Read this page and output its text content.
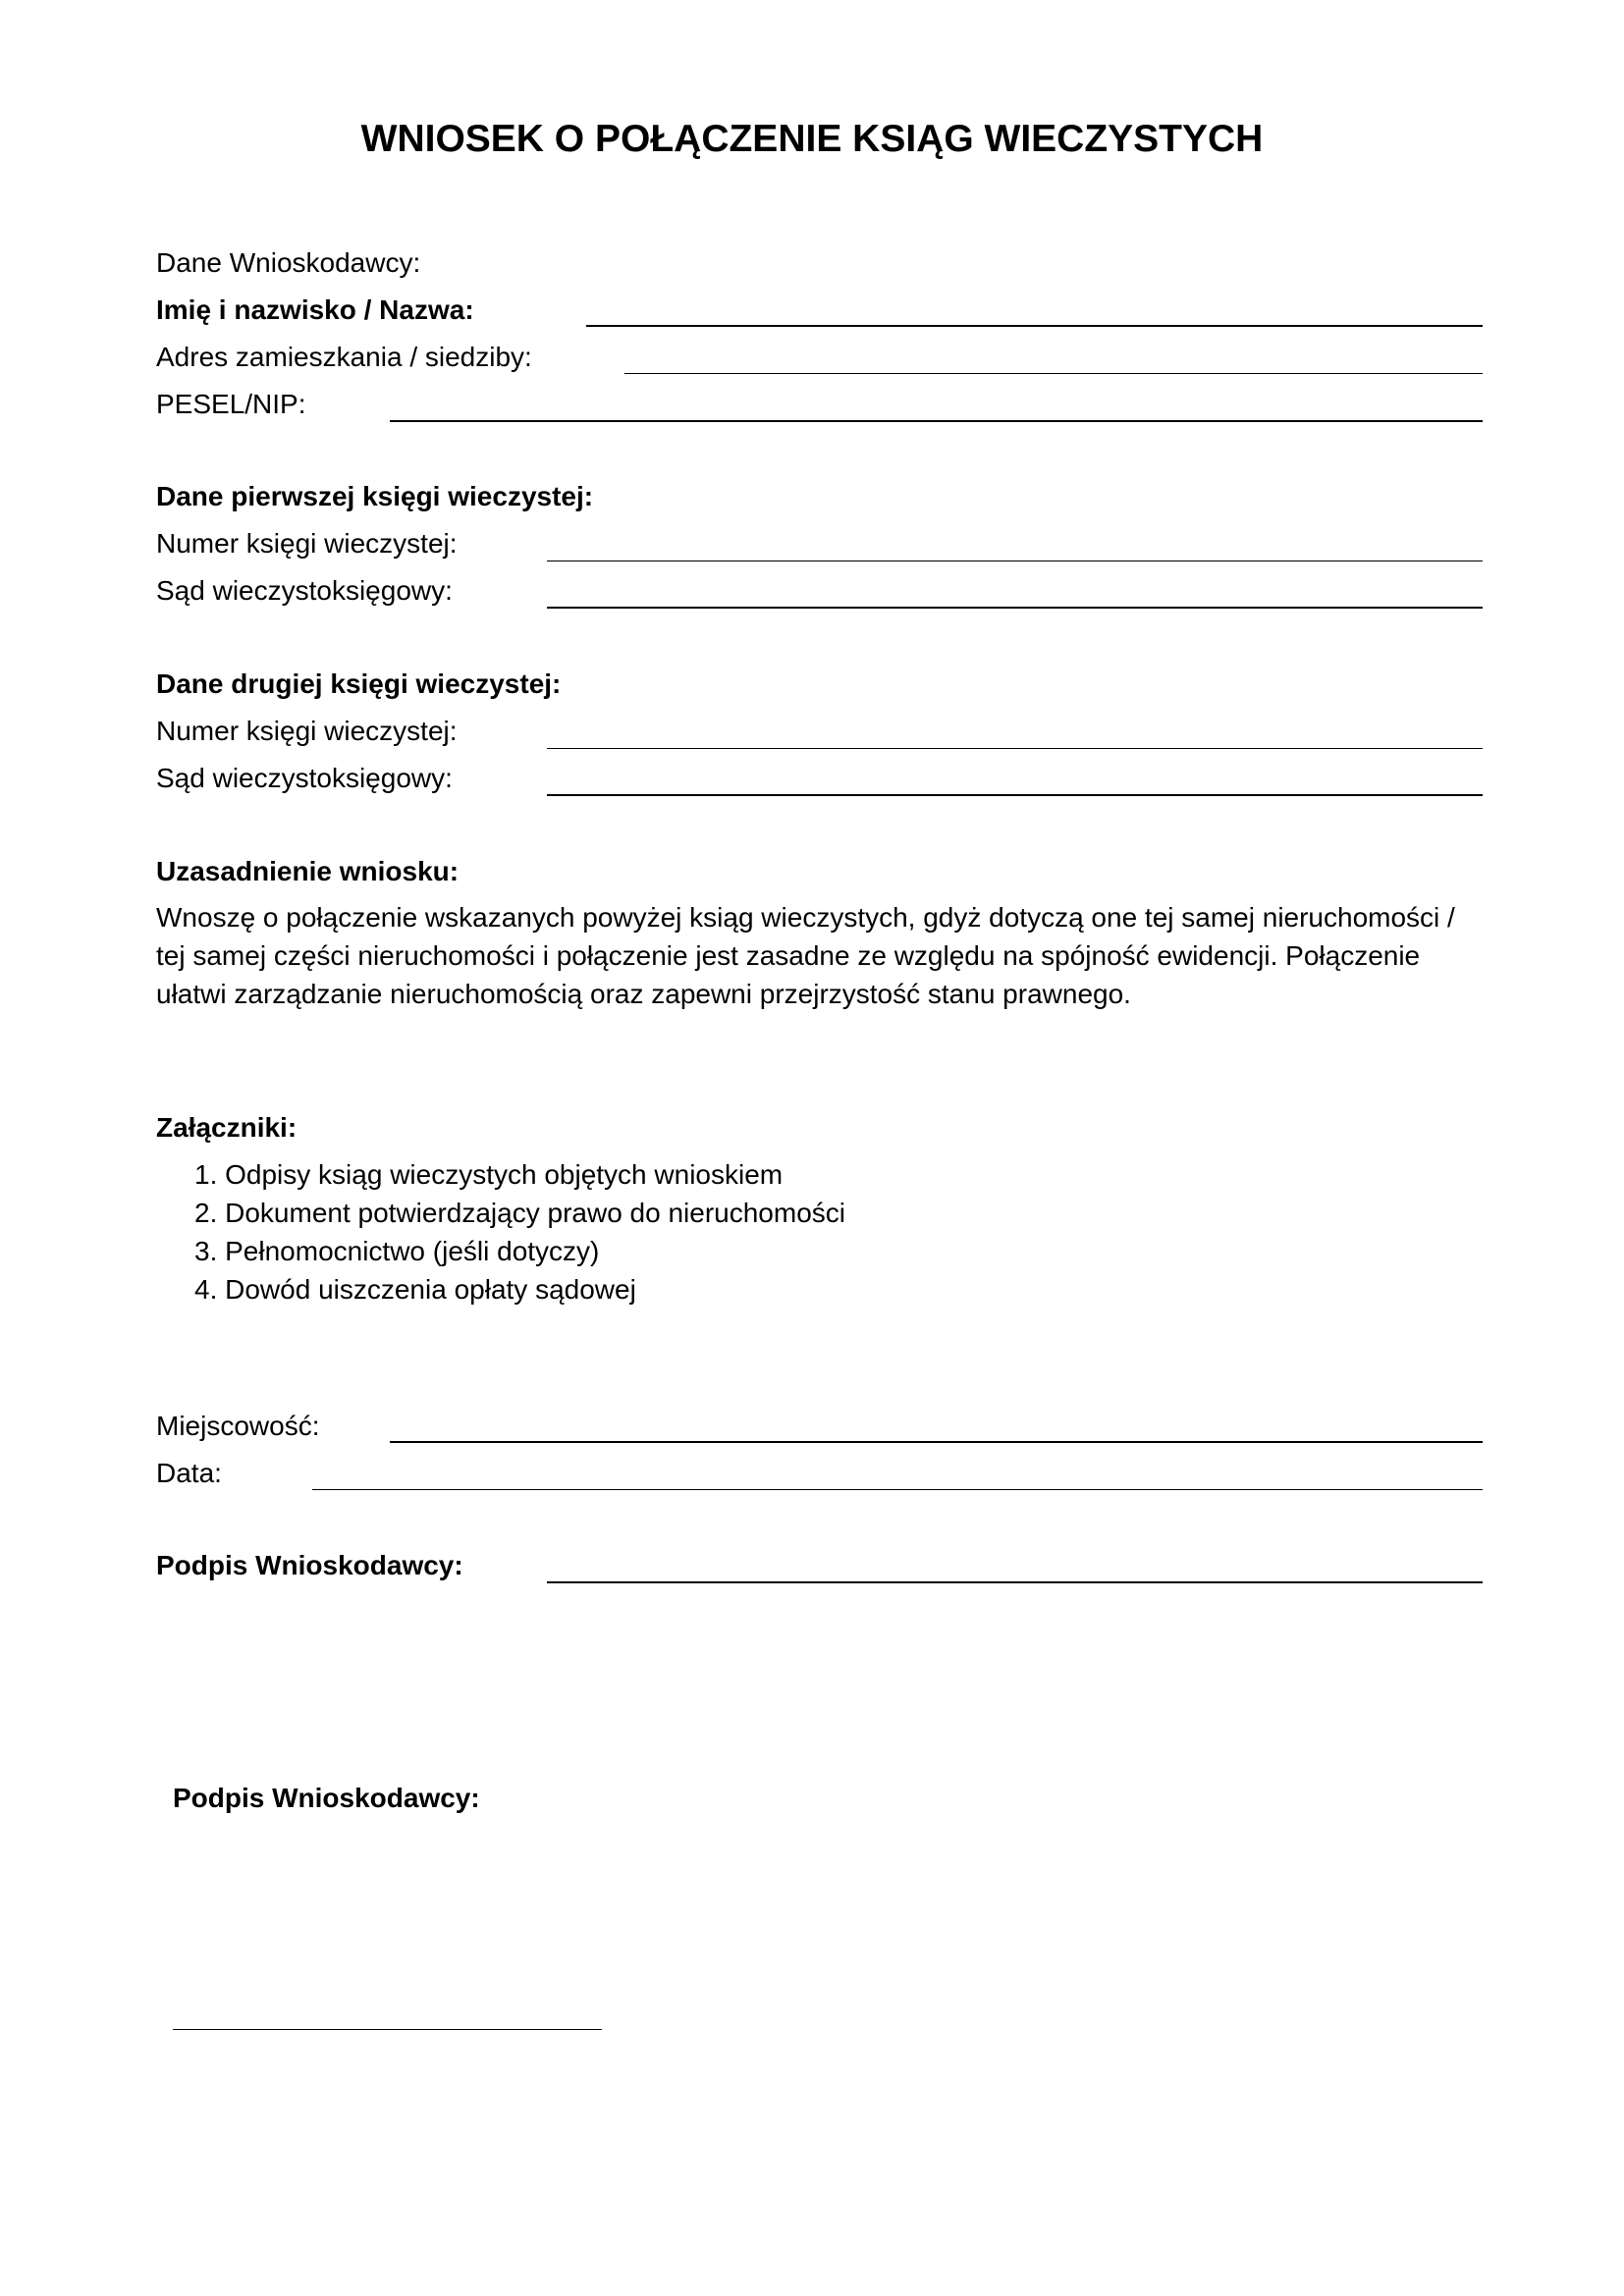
WNIOSEK O POŁĄCZENIE KSIĄG WIECZYSTYCH
Dane Wnioskodawcy:
Imię i nazwisko / Nazwa:
Adres zamieszkania / siedziby:
PESEL/NIP:
Dane pierwszej księgi wieczystej:
Numer księgi wieczystej:
Sąd wieczystoksięgowy:
Dane drugiej księgi wieczystej:
Numer księgi wieczystej:
Sąd wieczystoksięgowy:
Uzasadnienie wniosku:
Wnoszę o połączenie wskazanych powyżej ksiąg wieczystych, gdyż dotyczą one tej samej nieruchomości /
tej samej części nieruchomości i połączenie jest zasadne ze względu na spójność ewidencji. Połączenie
ułatwi zarządzanie nieruchomością oraz zapewni przejrzystość stanu prawnego.
Załączniki:
1. Odpisy ksiąg wieczystych objętych wnioskiem
2. Dokument potwierdzający prawo do nieruchomości
3. Pełnomocnictwo (jeśli dotyczy)
4. Dowód uiszczenia opłaty sądowej
Miejscowość:
Data:
Podpis Wnioskodawcy:
Podpis Wnioskodawcy:
